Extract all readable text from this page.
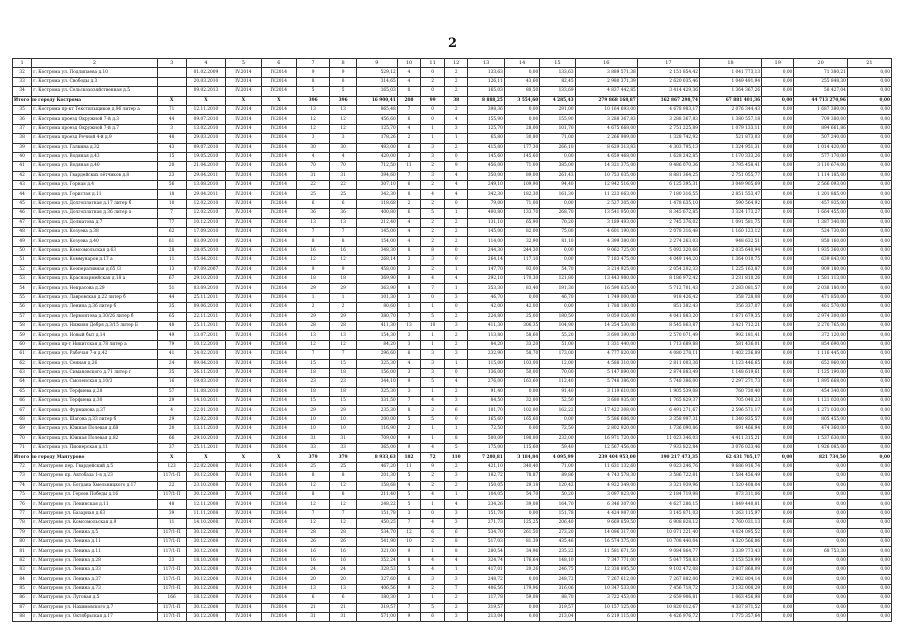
2
1	2	3	4	5	6	7	8	9	10	11	12	13	14	15	16	17	18	19	20	21
32	г. Кострома ул. Подлипаева д.10		01.02.2009	IV.2014	IV.2014	9	9	529,12	4	0	2	133,63	0,00	133,63	3 889 571,38	2 151 854,42	1 041 773,13	0,00	71 380,21	0,00
33	г. Кострома ул. Свободы д.3		20.03.2010	IV.2014	IV.2014	8	8	314,65	4	2	2	126,11	43,60	82,45	2 980 371,39	2 620 035,46	1 049 491,94	0,00	255 848,30	0,00
34	г. Кострома ул. Сельскохозяйственная д.5		09.02.2013	IV.2014	IV.2014	5	5	165,03	0	0	2	165,03	80,50	133,69	4 837 442,85	3 414 429,36	1 364 367,26	0,00	58 427,04	0,00
Итого по городу Кострома		X	X	X	X	396	396	16 900,41	208	99	38	8 888,25	3 554,60	4 285,43	279 868 168,87	162 867 298,74	67 881 401,36	0,00	44 713 270,96	0,00
35	г. Кострома пр-кт Текстильщиков д.96 литер а	71	12.11.2010	IV.2014	IV.2014	13	13	865,48	7	0	2	398,36	0,00	291,00	10 164 693,00	4 678 983,17	2 076 344,43	0,00	1 687 380,00	0,00
36	г. Кострома проезд Окружной 7-й д.3	44	09.07.2010	IV.2014	IV.2014	12	12	456,60	6	0	4	155,90	0,00	155,90	3 288 367,83	3 288 367,83	1 380 557,18	0,00	709 380,00	0,00
37	г. Кострома проезд Окружной 7-й д.7	3	13.02.2010	IV.2014	IV.2014	12	12	125,70	4	1	3	125,70	28,00	101,70	4 675 668,00	2 751 225,89	1 079 133,11	0,00	894 661,86	0,00
38	г. Кострома проезд Речной 4-й д.9	48	29.03.2010	IV.2014	IV.2014	3	3	178,26	2	1	1	65,80	30,80	71,00	2 266 989,00	1 328 742,92	521 873,03	0,00	507 240,00	0,00
39	г. Кострома ул. Галкина д.32	43	09.07.2010	IV.2014	IV.2014	30	30	493,00	6	3	2	415,80	177,30	266,10	8 629 313,83	4 303 795,13	1 324 951,31	0,00	1 014 420,00	0,00
40	г. Кострома ул. Водяная д.43	15	19.05.2010	IV.2014	IV.2014	4	4	420,00	3	3	0	145,60	145,60	0,00	4 659 468,00	1 628 242,85	1 170 333,26	0,00	577 170,00	0,00
41	г. Кострома ул. Водяная д.40	20	21.04.2010	IV.2014	IV.2014	70	70	712,50	11	2	9	456,00	71,00	385,00	14 321 375,00	9 486 070,36	3 795 458,41	0,00	3 110 674,00	0,00
42	г. Кострома ул. Гвардейских лётчиков д.8	23	29.04.2011	IV.2014	IV.2014	31	31	394,60	7	3	4	350,00	89,00	261,43	10 753 035,00	8 881 364,25	2 751 055,77	0,00	1 114 185,00	0,00
43	г. Кострома ул. Горная д.4	56	13.08.2010	IV.2014	IV.2014	22	22	307,10	6	2	4	249,10	109,90	94,40	12 942 516,00	6 125 395,31	3 049 905,69	0,00	2 566 093,00	0,00
44	г. Кострома ул. Гористая д.11	18	29.04.2011	IV.2014	IV.2014	25	25	342,30	8	4	4	342,30	182,30	161,30	11 223 663,00	7 180 316,55	2 851 553,47	0,00	1 201 885,00	0,00
45	г. Кострома ул. Долгоплатная д.17 литер б	10	12.02.2010	IV.2014	IV.2014	6	6	118,68	2	2	0	79,00	71,00	0,00	2 527 305,00	1 478 635,10	590 564,92	0,00	457 935,00	0,00
46	г. Кострома ул. Долгоплатная д.36 литер а	7	12.02.2010	IV.2014	IV.2014	36	36	400,80	6	5	1	400,80	133,70	268,70	13 541 950,00	8 345 672,85	3 324 173,27	0,00	1 664 455,00	0,00
47	г. Кострома ул. Долматова д.7	77	10.12.2010	IV.2014	IV.2014	13	13	212,40	4	2	2	131,10	65,90	70,20	3 189 493,00	2 745 376,02	1 091 581,75	0,00	1 387 340,00	0,00
48	г. Кострома ул. Козуева д.38	62	17.09.2010	IV.2014	IV.2014	7	7	145,00	4	2	2	145,00	82,00	75,00	4 601 190,00	2 078 316,48	1 160 123,12	0,00	524 730,00	0,00
49	г. Кострома ул. Козуева д.40	61	03.09.2010	IV.2014	IV.2014	8	8	154,00	4	2	2	114,00	32,90	81,10	4 399 380,00	2 274 263,03	948 632,51	0,00	858 160,00	0,00
50	г. Кострома ул. Комсомольская д.63	28	28.05.2010	IV.2014	IV.2014	16	16	348,30	8	8	0	244,30	244,30	0,00	9 062 725,00	5 092 320,66	2 035 640,94	0,00	1 935 360,00	0,00
51	г. Кострома ул. Коммунаров д.17 а	11	15.04.2011	IV.2014	IV.2014	12	12	268,14	3	3	0	264,14	117,10	0,00	7 183 475,00	4 049 144,20	1 364 010,75	0,00	639 843,00	0,00
52	г. Кострома ул. Кооперативная д.65 /3	13	07.09.2007	IV.2014	IV.2014	9	9	458,00	3	2	1	147,70	93,00	54,70	3 214 925,00	2 054 202,33	1 225 163,87	0,00	909 180,00	0,00
53	г. Кострома ул. Красноармейская д.18 а	67	29.10.2010	IV.2014	IV.2014	18	18	369,90	8	4	4	292,10	170,30	121,80	13 443 980,00	8 186 972,42	3 231 810,26	0,00	1 581 113,00	0,00
54	г. Кострома ул. Некрасова д.29	51	03.09.2010	IV.2014	IV.2014	29	29	363,90	8	7	1	353,30	83,40	191,30	16 590 635,00	5 712 701,43	2 283 081,57	0,00	2 038 180,00	0,00
55	г. Кострома ул. Лавровская д.22 литер б	44	25.11.2011	IV.2014	IV.2014	1	1	101,30	3	0	3	46,70	0,00	46,70	1 749 000,00	918 426,42	358 728,08	0,00	471 850,00	0,00
56	г. Кострома ул. Ленина д.36 литер б	35	09.06.2010	IV.2014	IV.2014	2	2	80,60	1	1	0	42,00	42,00	0,00	1 788 180,00	851 382,43	356 337,07	0,00	461 570,00	0,00
57	г. Кострома ул. Лермонтова д.30/26 литер б	65	22.11.2011	IV.2014	IV.2014	29	29	380,70	7	5	2	224,80	25,00	180,50	9 059 026,00	4 041 883,20	1 671 679,35	0,00	2 974 300,00	0,00
58	г. Кострома ул. Нижняя Дебря д.3/15 литер Б	48	25.11.2011	IV.2014	IV.2014	28	28	411,30	13	10	3	411,30	306,35	104,90	14 254 530,00	8 545 863,87	3 421 712,21	0,00	2 270 765,00	0,00
59	г. Кострома ул. Новый быт д.14	49	13.07.2011	IV.2014	IV.2014	13	13	154,30	3	1	2	113,80	58,60	55,20	3 690 390,00	2 570 071,49	992 181,41	0,00	372 120,00	0,00
60	г. Кострома пр-т Никитская д.78 литер а	79	10.12.2010	IV.2014	IV.2014	12	12	84,20	3	1	2	84,20	33,20	51,00	1 331 440,00	1 713 689,88	581 436,01	0,00	854 690,00	0,00
61	г. Кострома ул. Рабочая 7-я д.42	41	24.02.2010	IV.2014	IV.2014	7	7	296,60	6	3	3	232,90	58,70	173,00	4 777 820,00	4 080 278,11	1 402 236,89	0,00	1 116 445,00	0,00
62	г. Кострома ул. Сенная д.26	24	09.04.2010	IV.2014	IV.2014	15	15	325,30	4	3	1	115,00	103,00	12,00	4 588 310,00	2 811 003,36	1 123 446,65	0,00	652 960,00	0,00
63	г. Кострома ул. Симановского д.71 литер г	35	26.11.2010	IV.2014	IV.2014	18	18	156,00	3	3	0	136,00	50,00	70,00	5 147 890,00	2 874 883,49	1 148 619,61	0,00	1 125 190,00	0,00
64	г. Кострома ул. Смоленская д.10/3	16	19.03.2010	IV.2014	IV.2014	23	23	344,10	9	5	4	276,00	163,60	112,40	5 748 386,00	5 748 386,00	2 297 271,73	0,00	1 895 668,00	0,00
65	г. Кострома ул. Терфиева д.28	57	11.08.2010	IV.2014	IV.2014	18	18	325,30	3	1	2	91,40	0,00	91,40	3 119 610,00	1 905 539,08	760 730,40	0,00	454 340,00	0,00
66	г. Кострома ул. Терфиева д.30	29	14.10.2011	IV.2014	IV.2014	15	15	331,50	7	4	3	84,50	32,00	52,50	3 680 935,00	1 765 829,37	705 040,23	0,00	1 121 020,00	0,00
67	г. Кострома ул. Фурманова д.37	4	22.01.2010	IV.2014	IV.2014	29	29	235,30	8	2	6	181,70	102,00	162,22	17 422 308,00	6 491 271,67	2 596 571,17	0,00	1 271 030,00	0,00
68	г. Кострома ул. Шагова д.33 литер б	29	12.02.2010	IV.2014	IV.2014	10	10	200,00	5	5	0	165,60	165,60	0,00	5 586 606,00	3 358 997,31	1 340 835,57	0,00	805 455,00	0,00
69	г. Кострома ул. Южная Полевая д.68	20	13.11.2010	IV.2014	IV.2014	10	10	116,90	2	1	1	72,50	0,00	72,50	2 802 920,00	1 736 090,86	691 466,94	0,00	474 360,00	0,00
70	г. Кострома ул. Южная Полевая д.82	66	29.10.2010	IV.2014	IV.2014	31	31	709,00	9	1	8	500,09	198,00	232,00	16 971 720,00	11 023 346,03	4 411 315,21	0,00	1 537 630,00	0,00
71	г. Кострома ул. Пионерская д.11	37	25.11.2011	IV.2014	IV.2014	33	33	365,00	9	4	5	175,00	115,60	59,40	12 567 456,00	7 933 822,84	3 076 023,46	0,00	1 926 085,00	0,00
Итого по городу Мантурово		X	X	X	X	379	379	8 933,63	182	72	110	7 280,81	3 184,84	4 095,99	239 404 953,00	190 217 473,35	62 431 705,17	0,00	821 734,50	0,00
72	г. Мантурово пер. Гвардейский д.5	123	22.02.2008	IV.2014	IV.2014	25	25	467,20	11	9	2	421,10	340,40	71,00	11 631 132,60	9 023 246,76	9 686 916,74	0,00	0,00	0,00
73	г. Мантурово пр. Автобаза 1-я д.23	117/1-П	30.12.2008	IV.2014	IV.2014	8	8	201,30	5	2	3	182,72	78,87	89,86	4 743 578,30	3 586 722,81	1 584 456,49	0,00	0,00	0,00
74	г. Мантурово ул. Богдана Хмельницкого д.17	22	23.10.2008	IV.2014	IV.2014	12	12	158,68	4	2	2	150,05	29,18	120,42	4 922 349,00	3 321 939,96	1 320 408,04	0,00	0,00	0,00
75	г. Мантурово ул. Героев Победы д.16	117/1-П	30.12.2008	IV.2014	IV.2014	8	8	211,40	5	4	1	104,05	54,70	50,20	3 097 823,00	2 184 719,98	873 311,06	0,00	0,00	0,00
76	г. Мантурово ул. Ленинская д.11	48	12.11.2008	IV.2014	IV.2014	12	12	248,22	5	1	4	234,26	39,08	164,70	6 346 307,00	4 627 286,15	1 849 440,81	0,00	0,00	0,00
77	г. Мантурово ул. Базарная д.63	39	11.11.2008	IV.2014	IV.2014	7	7	151,78	3	0	3	151,78	0,00	151,78	4 424 987,00	3 145 871,03	1 263 115,97	0,00	0,00	0,00
78	г. Мантурово ул. Комсомольская д.9	11	14.10.2008	IV.2014	IV.2014	12	12	450,25	7	4	3	271,73	125,25	206,40	9 669 859,50	6 908 828,12	2 760 031,13	0,00	0,00	0,00
79	г. Мантурово ул. Ленина д.5	117/1-П	30.12.2008	IV.2014	IV.2014	28	28	534,70	12	6	6	534,70	261,50	273,20	14 096 317,00	10 071 221,40	4 024 095,52	0,00	0,00	0,00
80	г. Мантурово ул. Ленина д.11	117/1-П	30.12.2008	IV.2014	IV.2014	26	26	541,90	10	2	8	517,03	81,39	435,46	16 574 375,00	10 708 440,04	4 320 566,86	0,00	0,00	0,00
81	г. Мантурово ул. Ленина д.11	117/1-П	30.12.2008	IV.2014	IV.2014	16	16	321,00	9	1	8	280,54	34,96	235,22	11 581 671,50	9 084 864,77	3 339 773,43	0,00	68 753,30	0,00
82	г. Мантурово ул. Ленина д.28	23	18.10.2008	IV.2014	IV.2014	16	16	352,24	8	4	4	324,74	176,64	148,10	7 347 771,00	5 047 758,83	2 153 529,99	0,00	0,00	0,00
83	г. Мантурово ул. Ленина д.33	117/1-П	30.12.2008	IV.2014	IV.2014	24	24	328,53	5	4	1	417,01	20,26	246,75	12 338 895,50	9 102 472,08	3 637 868,09	0,00	0,00	0,00
84	г. Мантурово ул. Ленина д.37	117/1-П	30.12.2008	IV.2014	IV.2014	20	20	327,60	6	3	3	248,72	0,00	248,72	7 267 612,00	7 267 882,06	2 902 804,14	0,00	0,00	0,00
85	г. Мантурово ул. Ленина д.73	117/1-П	30.12.2008	IV.2014	IV.2014	13	13	406,56	9	2	7	406,56	179,96	316,06	10 347 533,00	7 456 718,72	3 132 000,29	0,00	0,00	0,00
86	г. Мантурово ул. Луговая д.5	166	18.12.2008	IV.2014	IV.2014	6	6	180,30	3	1	2	117,78	59,08	88,70	3 722 453,00	2 659 906,81	1 063 456,98	0,00	0,00	0,00
87	г. Мантурово ул. Нахимовского д.7	117/1-П	30.12.2008	IV.2014	IV.2014	21	21	319,57	7	5	2	319,57	0,00	319,57	10 157 125,00	10 820 012,67	4 337 871,52	0,00	0,00	0,00
88	г. Мантурово ул. Октябрьская д.17	117/1-П	30.12.2008	IV.2014	IV.2014	31	31	571,00	9	6	3	213,04	0,00	213,04	6 219 115,00	4 426 976,72	1 775 357,64	0,00	0,00	0,00
